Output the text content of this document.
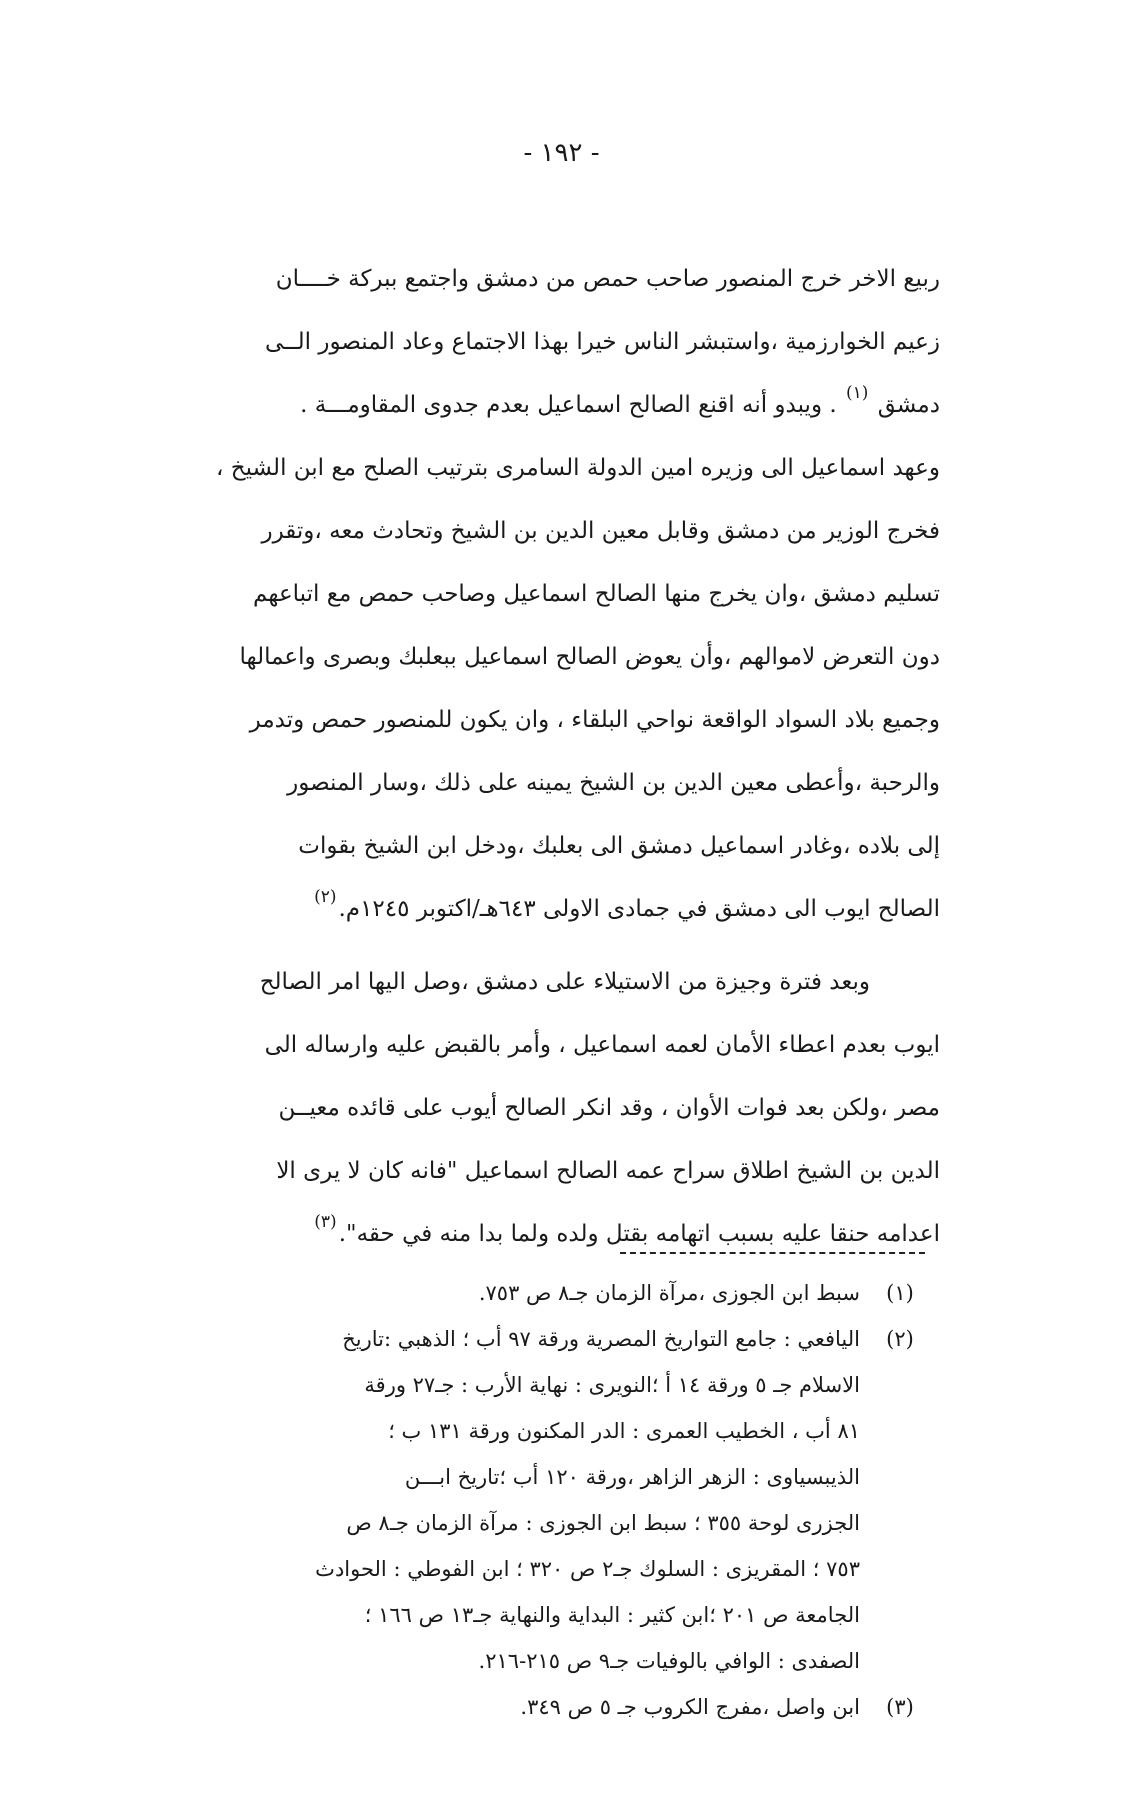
- ١٩٢ -
ربيع الاخر خرج المنصور صاحب حمص من دمشق واجتمع ببركة خــــان
زعيم الخوارزمية ،واستبشر الناس خيرا بهذا الاجتماع وعاد المنصور الــى
دمشق $^{(١)}$ . ويبدو أنه اقنع الصالح اسماعيل بعدم جدوى المقاومـــة .
وعهد اسماعيل الى وزيره امين الدولة السامرى بترتيب الصلح مع ابن الشيخ ،
فخرج الوزير من دمشق وقابل معين الدين بن الشيخ وتحادث معه ،وتقرر
تسليم دمشق ،وان يخرج منها الصالح اسماعيل وصاحب حمص مع اتباعهم
دون التعرض لاموالهم ،وأن يعوض الصالح اسماعيل ببعلبك وبصرى واعمالها
وجميع بلاد السواد الواقعة نواحي البلقاء ، وان يكون للمنصور حمص وتدمر
والرحبة ،وأعطى معين الدين بن الشيخ يمينه على ذلك ،وسار المنصور
إلى بلاده ،وغادر اسماعيل دمشق الى بعلبك ،ودخل ابن الشيخ بقوات
الصالح ايوب الى دمشق في جمادى الاولى ٦٤٣هـ/اكتوبر ١٢٤٥م.$^{(٢)}$
وبعد فترة وجيزة من الاستيلاء على دمشق ،وصل اليها امر الصالح
ايوب بعدم اعطاء الأمان لعمه اسماعيل ، وأمر بالقبض عليه وارساله الى
مصر ،ولكن بعد فوات الأوان ، وقد انكر الصالح أيوب على قائده معيــن
الدين بن الشيخ اطلاق سراح عمه الصالح اسماعيل "فانه كان لا يرى الا
اعدامه حنقا عليه بسبب اتهامه بقتل ولده ولما بدا منه في حقه".$^{(٣)}$
(١)
سبط ابن الجوزى ،مرآة الزمان جـ٨ ص ٧٥٣.
(٢)
اليافعي : جامع التواريخ المصرية ورقة ٩٧ أب ؛ الذهبي :تاريخ
الاسلام جـ ٥ ورقة ١٤ أ ؛النويرى : نهاية الأرب : جـ٢٧ ورقة
٨١ أب ، الخطيب العمرى : الدر المكنون ورقة ١٣١ ب ؛
الذيبسياوى : الزهر الزاهر ،ورقة ١٢٠ أب ؛تاريخ ابـــن
الجزرى لوحة ٣٥٥ ؛ سبط ابن الجوزى : مرآة الزمان جـ٨ ص
٧٥٣ ؛ المقريزى : السلوك جـ٢ ص ٣٢٠ ؛ ابن الفوطي : الحوادث
الجامعة ص ٢٠١ ؛ابن كثير : البداية والنهاية جـ١٣ ص ١٦٦ ؛
الصفدى : الوافي بالوفيات جـ٩ ص ٢١٥-٢١٦.
(٣)
ابن واصل ،مفرج الكروب جـ ٥ ص ٣٤٩.
